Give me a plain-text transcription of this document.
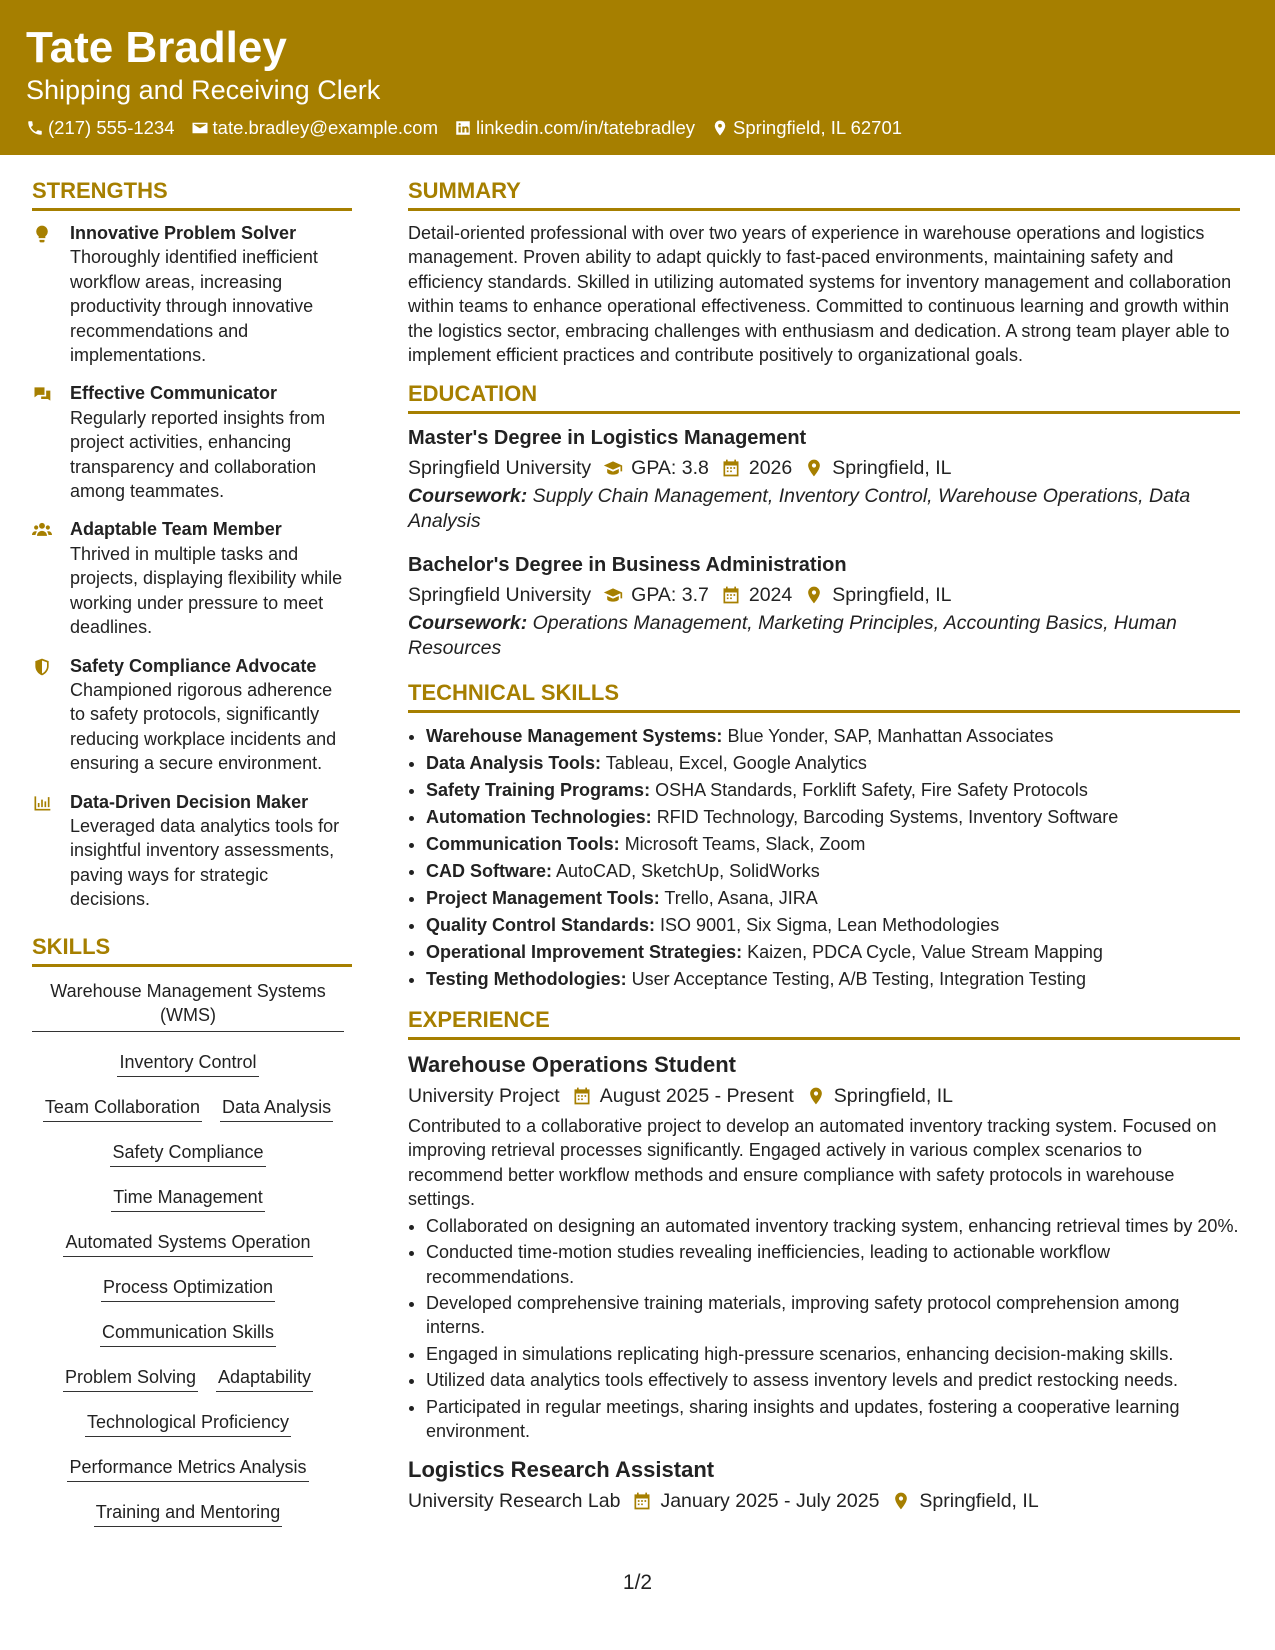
Tate Bradley
Shipping and Receiving Clerk
(217) 555-1234 tate.bradley@example.com linkedin.com/in/tatebradley Springfield, IL 62701
STRENGTHS
Innovative Problem Solver
Thoroughly identified inefficient workflow areas, increasing productivity through innovative recommendations and implementations.
Effective Communicator
Regularly reported insights from project activities, enhancing transparency and collaboration among teammates.
Adaptable Team Member
Thrived in multiple tasks and projects, displaying flexibility while working under pressure to meet deadlines.
Safety Compliance Advocate
Championed rigorous adherence to safety protocols, significantly reducing workplace incidents and ensuring a secure environment.
Data-Driven Decision Maker
Leveraged data analytics tools for insightful inventory assessments, paving ways for strategic decisions.
SKILLS
Warehouse Management Systems (WMS)
Inventory Control
Team Collaboration Data Analysis
Safety Compliance
Time Management
Automated Systems Operation
Process Optimization
Communication Skills
Problem Solving Adaptability
Technological Proficiency
Performance Metrics Analysis
Training and Mentoring
SUMMARY

Detail-oriented professional with over two years of experience in warehouse operations and logistics management. Proven ability to adapt quickly to fast-paced environments, maintaining safety and efficiency standards. Skilled in utilizing automated systems for inventory management and collaboration within teams to enhance operational effectiveness. Committed to continuous learning and growth within the logistics sector, embracing challenges with enthusiasm and dedication. A strong team player able to implement efficient practices and contribute positively to organizational goals.

EDUCATION
Master's Degree in Logistics Management
Springfield University GPA: 3.8 2026 Springfield, IL
Coursework: Supply Chain Management, Inventory Control, Warehouse Operations, Data Analysis
Bachelor's Degree in Business Administration
Springfield University GPA: 3.7 2024 Springfield, IL
Coursework: Operations Management, Marketing Principles, Accounting Basics, Human Resources
TECHNICAL SKILLS
• Warehouse Management Systems: Blue Yonder, SAP, Manhattan Associates
• Data Analysis Tools: Tableau, Excel, Google Analytics
• Safety Training Programs: OSHA Standards, Forklift Safety, Fire Safety Protocols
• Automation Technologies: RFID Technology, Barcoding Systems, Inventory Software
• Communication Tools: Microsoft Teams, Slack, Zoom
• CAD Software: AutoCAD, SketchUp, SolidWorks
• Project Management Tools: Trello, Asana, JIRA
• Quality Control Standards: ISO 9001, Six Sigma, Lean Methodologies
• Operational Improvement Strategies: Kaizen, PDCA Cycle, Value Stream Mapping
• Testing Methodologies: User Acceptance Testing, A/B Testing, Integration Testing
EXPERIENCE
Warehouse Operations Student
University Project August 2025 - Present Springfield, IL

Contributed to a collaborative project to develop an automated inventory tracking system. Focused on improving retrieval processes significantly. Engaged actively in various complex scenarios to recommend better workflow methods and ensure compliance with safety protocols in warehouse settings.

• Collaborated on designing an automated inventory tracking system, enhancing retrieval times by 20%.
• Conducted time-motion studies revealing inefficiencies, leading to actionable workflow recommendations.
• Developed comprehensive training materials, improving safety protocol comprehension among interns.
• Engaged in simulations replicating high-pressure scenarios, enhancing decision-making skills.
• Utilized data analytics tools effectively to assess inventory levels and predict restocking needs.
• Participated in regular meetings, sharing insights and updates, fostering a cooperative learning environment.
Logistics Research Assistant
University Research Lab January 2025 - July 2025 Springfield, IL
1/2
